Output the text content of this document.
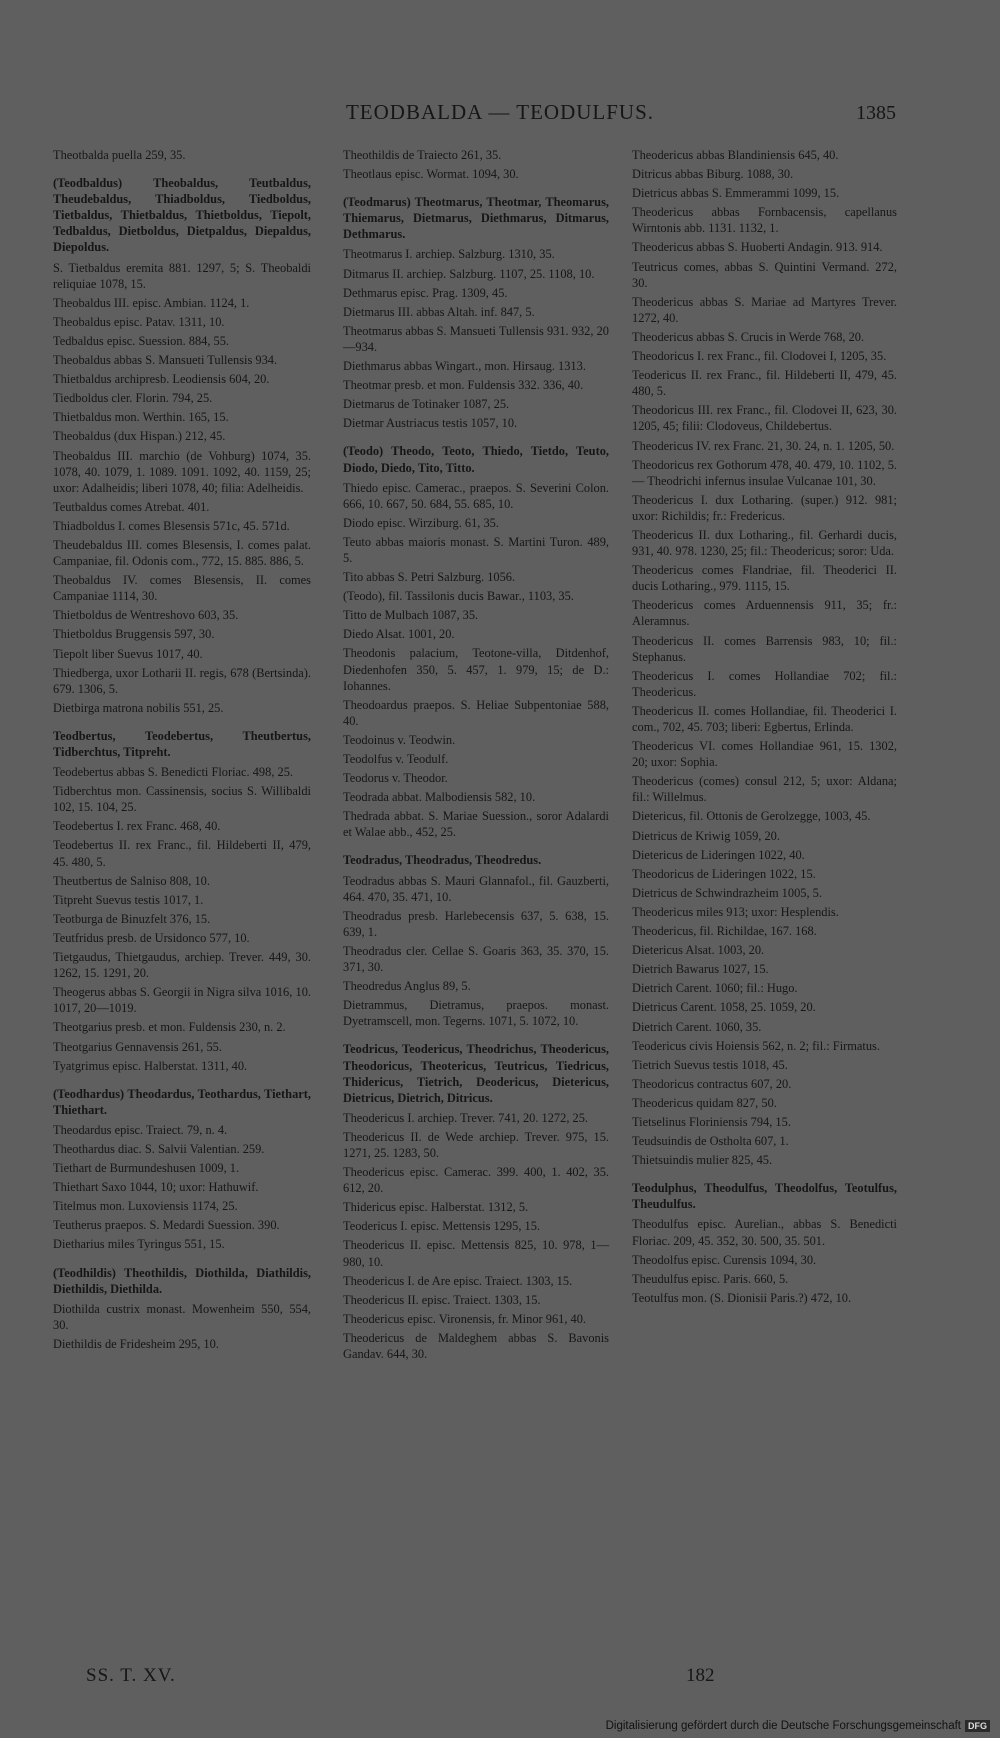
TEODBALDA — TEODULFUS.	1385
Theotbalda puella 259, 35.
(Teodbaldus) Theobaldus, Teutbaldus, Theudebaldus, Thiadboldus, Tiedboldus, Tietbaldus, Thietbaldus, Thietboldus, Tiepolt, Tedbaldus, Dietboldus, Dietpaldus, Diepaldus, Diepoldus.
S. Tietbaldus eremita 881. 1297, 5; S. Theobaldi reliquiae 1078, 15.
Theobaldus III. episc. Ambian. 1124, 1.
Theobaldus episc. Patav. 1311, 10.
Tedbaldus episc. Suession. 884, 55.
Theobaldus abbas S. Mansueti Tullensis 934.
Thietbaldus archipresb. Leodiensis 604, 20.
Tiedboldus cler. Florin. 794, 25.
Thietbaldus mon. Werthin. 165, 15.
Theobaldus (dux Hispan.) 212, 45.
Theobaldus III. marchio (de Vohburg) 1074, 35. 1078, 40. 1079, 1. 1089. 1091. 1092, 40. 1159, 25; uxor: Adalheidis; liberi 1078, 40; filia: Adelheidis.
Teutbaldus comes Atrebat. 401.
Thiadboldus I. comes Blesensis 571c, 45. 571d.
Theudebaldus III. comes Blesensis, I. comes palat. Campaniae, fil. Odonis com., 772, 15. 885. 886, 5.
Theobaldus IV. comes Blesensis, II. comes Campaniae 1114, 30.
Thietboldus de Wentreshovo 603, 35.
Thietboldus Bruggensis 597, 30.
Tiepolt liber Suevus 1017, 40.
Thiedberga, uxor Lotharii II. regis, 678 (Bertsinda). 679. 1306, 5.
Dietbirga matrona nobilis 551, 25.
Teodbertus, Teodebertus, Theutbertus, Tidberchtus, Titpreht.
Teodebertus abbas S. Benedicti Floriac. 498, 25.
Tidberchtus mon. Cassinensis, socius S. Willibaldi 102, 15. 104, 25.
Teodebertus I. rex Franc. 468, 40.
Teodebertus II. rex Franc., fil. Hildeberti II, 479, 45. 480, 5.
Theutbertus de Salniso 808, 10.
Titpreht Suevus testis 1017, 1.
Teotburga de Binuzfelt 376, 15.
Teutfridus presb. de Ursidonco 577, 10.
Tietgaudus, Thietgaudus, archiep. Trever. 449, 30. 1262, 15. 1291, 20.
Theogerus abbas S. Georgii in Nigra silva 1016, 10. 1017, 20—1019.
Theotgarius presb. et mon. Fuldensis 230, n. 2.
Theotgarius Gennavensis 261, 55.
Tyatgrimus episc. Halberstat. 1311, 40.
(Teodhardus) Theodardus, Teothardus, Tiethart, Thiethart.
Theodardus episc. Traiect. 79, n. 4.
Theothardus diac. S. Salvii Valentian. 259.
Tiethart de Burmundeshusen 1009, 1.
Thiethart Saxo 1044, 10; uxor: Hathuwif.
Titelmus mon. Luxoviensis 1174, 25.
Teutherus praepos. S. Medardi Suession. 390.
Dietharius miles Tyringus 551, 15.
(Teodhildis) Theothildis, Diothilda, Diathildis, Diethildis, Diethilda.
Diothilda custrix monast. Mowenheim 550, 554, 30.
Diethildis de Fridesheim 295, 10.
Theothildis de Traiecto 261, 35.
Theotlaus episc. Wormat. 1094, 30.
(Teodmarus) Theotmarus, Theotmar, Theomarus, Thiemarus, Dietmarus, Diethmarus, Ditmarus, Dethmarus.
Theotmarus I. archiep. Salzburg. 1310, 35.
Ditmarus II. archiep. Salzburg. 1107, 25. 1108, 10.
Dethmarus episc. Prag. 1309, 45.
Dietmarus III. abbas Altah. inf. 847, 5.
Theotmarus abbas S. Mansueti Tullensis 931. 932, 20—934.
Diethmarus abbas Wingart., mon. Hirsaug. 1313.
Theotmar presb. et mon. Fuldensis 332. 336, 40.
Dietmarus de Totinaker 1087, 25.
Dietmar Austriacus testis 1057, 10.
(Teodo) Theodo, Teoto, Thiedo, Tietdo, Teuto, Diodo, Diedo, Tito, Titto.
Thiedo episc. Camerac., praepos. S. Severini Colon. 666, 10. 667, 50. 684, 55. 685, 10.
Diodo episc. Wirziburg. 61, 35.
Teuto abbas maioris monast. S. Martini Turon. 489, 5.
Tito abbas S. Petri Salzburg. 1056.
(Teodo), fil. Tassilonis ducis Bawar., 1103, 35.
Titto de Mulbach 1087, 35.
Diedo Alsat. 1001, 20.
Theodonis palacium, Teotone-villa, Ditdenhof, Diedenhofen 350, 5. 457, 1. 979, 15; de D.: Iohannes.
Theodoardus praepos. S. Heliae Subpentoniae 588, 40.
Teodoinus v. Teodwin.
Teodolfus v. Teodulf.
Teodorus v. Theodor.
Teodrada abbat. Malbodiensis 582, 10.
Thedrada abbat. S. Mariae Suession., soror Adalardi et Walae abb., 452, 25.
Teodradus, Theodradus, Theodredus.
Teodradus abbas S. Mauri Glannafol., fil. Gauzberti, 464. 470, 35. 471, 10.
Theodradus presb. Harlebecensis 637, 5. 638, 15. 639, 1.
Theodradus cler. Cellae S. Goaris 363, 35. 370, 15. 371, 30.
Theodredus Anglus 89, 5.
Dietrammus, Dietramus, praepos. monast. Dyetramscell, mon. Tegerns. 1071, 5. 1072, 10.
Teodricus, Teodericus, Theodrichus, Theodericus, Theodoricus, Theotericus, Teutricus, Tiedricus, Thidericus, Tietrich, Deodericus, Dietericus, Dietricus, Dietrich, Ditricus.
Theodericus I. archiep. Trever. 741, 20. 1272, 25.
Theodericus II. de Wede archiep. Trever. 975, 15. 1271, 25. 1283, 50.
Theodericus episc. Camerac. 399. 400, 1. 402, 35. 612, 20.
Thidericus episc. Halberstat. 1312, 5.
Teodericus I. episc. Mettensis 1295, 15.
Theodericus II. episc. Mettensis 825, 10. 978, 1—980, 10.
Theodericus I. de Are episc. Traiect. 1303, 15.
Theodericus II. episc. Traiect. 1303, 15.
Theodericus episc. Vironensis, fr. Minor 961, 40.
Theodericus de Maldeghem abbas S. Bavonis Gandav. 644, 30.
Theodericus abbas Blandiniensis 645, 40.
Ditricus abbas Biburg. 1088, 30.
Dietricus abbas S. Emmerammi 1099, 15.
Theodericus abbas Fornbacensis, capellanus Wirntonis abb. 1131. 1132, 1.
Theodericus abbas S. Huoberti Andagin. 913. 914.
Teutricus comes, abbas S. Quintini Vermand. 272, 30.
Theodericus abbas S. Mariae ad Martyres Trever. 1272, 40.
Theodericus abbas S. Crucis in Werde 768, 20.
Theodoricus I. rex Franc., fil. Clodovei I, 1205, 35.
Teodericus II. rex Franc., fil. Hildeberti II, 479, 45. 480, 5.
Theodoricus III. rex Franc., fil. Clodovei II, 623, 30. 1205, 45; filii: Clodoveus, Childebertus.
Theodericus IV. rex Franc. 21, 30. 24, n. 1. 1205, 50.
Theodoricus rex Gothorum 478, 40. 479, 10. 1102, 5. — Theodrichi infernus insulae Vulcanae 101, 30.
Theodericus I. dux Lotharing. (super.) 912. 981; uxor: Richildis; fr.: Fredericus.
Theodericus II. dux Lotharing., fil. Gerhardi ducis, 931, 40. 978. 1230, 25; fil.: Theodericus; soror: Uda.
Theodericus comes Flandriae, fil. Theoderici II. ducis Lotharing., 979. 1115, 15.
Theodericus comes Arduennensis 911, 35; fr.: Aleramnus.
Theodericus II. comes Barrensis 983, 10; fil.: Stephanus.
Theodericus I. comes Hollandiae 702; fil.: Theodericus.
Theodericus II. comes Hollandiae, fil. Theoderici I. com., 702, 45. 703; liberi: Egbertus, Erlinda.
Theodericus VI. comes Hollandiae 961, 15. 1302, 20; uxor: Sophia.
Theodericus (comes) consul 212, 5; uxor: Aldana; fil.: Willelmus.
Dietericus, fil. Ottonis de Gerolzegge, 1003, 45.
Dietricus de Kriwig 1059, 20.
Dietericus de Lideringen 1022, 40.
Theodoricus de Lideringen 1022, 15.
Dietricus de Schwindrazheim 1005, 5.
Theodericus miles 913; uxor: Hesplendis.
Theodericus, fil. Richildae, 167. 168.
Dietericus Alsat. 1003, 20.
Dietrich Bawarus 1027, 15.
Dietrich Carent. 1060; fil.: Hugo.
Dietricus Carent. 1058, 25. 1059, 20.
Dietrich Carent. 1060, 35.
Teodericus civis Hoiensis 562, n. 2; fil.: Firmatus.
Tietrich Suevus testis 1018, 45.
Theodoricus contractus 607, 20.
Theodericus quidam 827, 50.
Tietselinus Floriniensis 794, 15.
Teudsuindis de Ostholta 607, 1.
Thietsuindis mulier 825, 45.
Teodulphus, Theodulfus, Theodolfus, Teotulfus, Theudulfus.
Theodulfus episc. Aurelian., abbas S. Benedicti Floriac. 209, 45. 352, 30. 500, 35. 501.
Theodolfus episc. Curensis 1094, 30.
Theudulfus episc. Paris. 660, 5.
Teotulfus mon. (S. Dionisii Paris.?) 472, 10.
SS. T. XV.	182
Digitalisierung gefördert durch die Deutsche Forschungsgemeinschaft DFG
